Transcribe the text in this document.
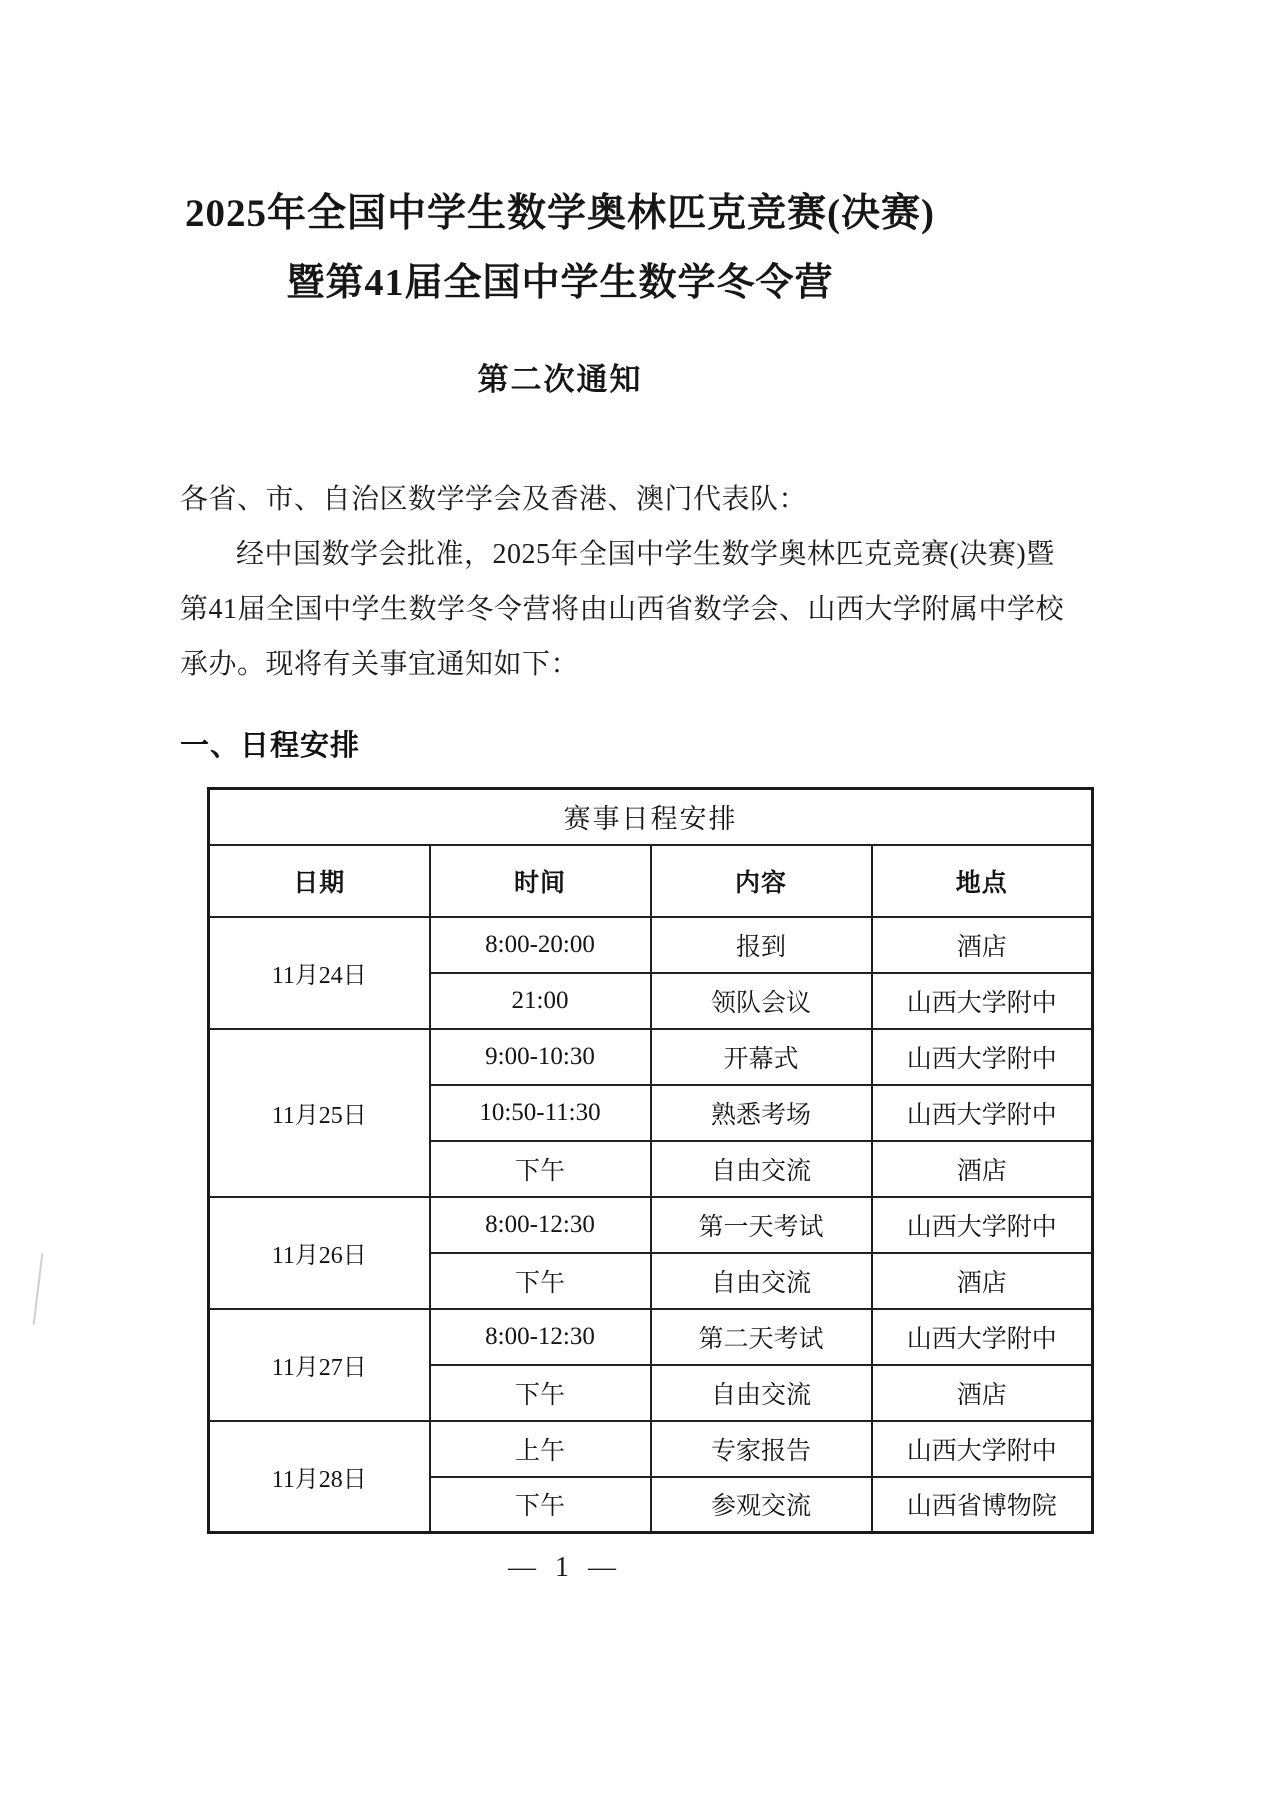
2025年全国中学生数学奥林匹克竞赛(决赛)
暨第41届全国中学生数学冬令营
第二次通知
各省、市、自治区数学学会及香港、澳门代表队：
经中国数学会批准，2025年全国中学生数学奥林匹克竞赛(决赛)暨
第41届全国中学生数学冬令营将由山西省数学会、山西大学附属中学校
承办。现将有关事宜通知如下：
一、日程安排
赛事日程安排			
日期	时间	内容	地点
11月24日	8:00-20:00	报到	酒店
	21:00	领队会议	山西大学附中
11月25日	9:00-10:30	开幕式	山西大学附中
	10:50-11:30	熟悉考场	山西大学附中
	下午	自由交流	酒店
11月26日	8:00-12:30	第一天考试	山西大学附中
	下午	自由交流	酒店
11月27日	8:00-12:30	第二天考试	山西大学附中
	下午	自由交流	酒店
11月28日	上午	专家报告	山西大学附中
	下午	参观交流	山西省博物院
— 1 —
